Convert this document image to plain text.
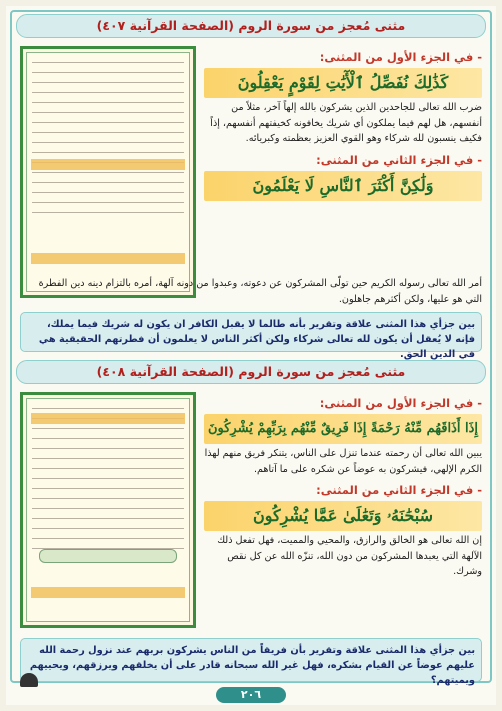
مثنى مُعجز من سورة الروم (الصفحة القرآنية ٤٠٧)
- في الجزء الأول من المثنى:
كَذَٰلِكَ نُفَصِّلُ ٱلْأٓيَٰتِ لِقَوْمٍ يَعْقِلُونَ
ضرب الله تعالى للجاحدين الذين يشركون بالله إلهاً آخر، مثلاً من أنفسهم، هل لهم فيما يملكون أي شريك يخافونه كخيفتهم أنفسهم، إذاً فكيف ينسبون لله شركاء وهو القوي العزيز بعظمته وكبريائه.
- في الجزء الثاني من المثنى:
وَلَٰكِنَّ أَكْثَرَ ٱلنَّاسِ لَا يَعْلَمُونَ
أمر الله تعالى رسوله الكريم حين تولّى المشركون عن دعوته، وعبدوا من دونه آلهة، أمره بالتزام دينه دين الفطرة التي هو عليها، ولكن أكثرهم جاهلون.
بين جزأي هذا المثنى علاقة وتقرير بأنه طالما لا يقبل الكافر ان يكون له شريك فيما يملك، فإنه لا يُعقل أن يكون لله تعالى شركاء ولكن أكثر الناس لا يعلمون أن فطرتهم الحقيقية هي في الدين الحق.
مثنى مُعجز من سورة الروم (الصفحة القرآنية ٤٠٨)
- في الجزء الأول من المثنى:
إِذَا أَذَاقَهُم مِّنْهُ رَحْمَةً إِذَا فَرِيقٌ مِّنْهُم بِرَبِّهِمْ يُشْرِكُونَ
يبين الله تعالى أن رحمته عندما تنزل على الناس، يتنكر فريق منهم لهذا الكرم الإلهي، فيشركون به عوضاً عن شكره على ما آتاهم.
- في الجزء الثاني من المثنى:
سُبْحَٰنَهُۥ وَتَعَٰلَىٰ عَمَّا يُشْرِكُونَ
إن الله تعالى هو الخالق والرازق، والمحيي والمميت، فهل تفعل ذلك الآلهة التي يعبدها المشركون من دون الله، تنزّه الله عن كل نقص وشرك.
بين جزأي هذا المثنى علاقة وتقرير بأن فريقاً من الناس يشركون بربهم عند نزول رحمة الله عليهم عوضاً عن القيام بشكره، فهل غير الله سبحانه قادر على أن يخلقهم ويرزقهم، ويحييهم ويميتهم؟
٢٠٦
